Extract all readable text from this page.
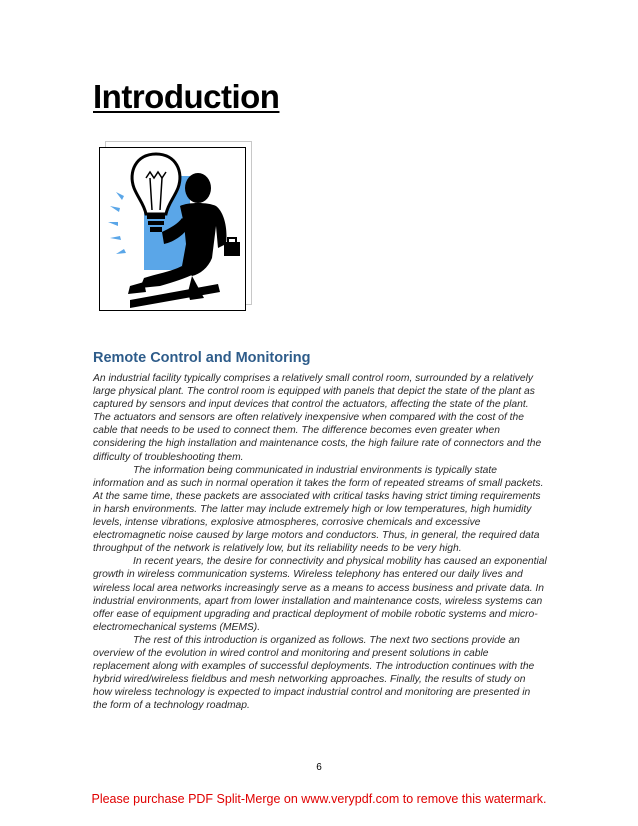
Introduction
Remote Control and Monitoring

An industrial facility typically comprises a relatively small control room, surrounded by a relatively large physical plant. The control room is equipped with panels that depict the state of the plant as captured by sensors and input devices that control the actuators, affecting the state of the plant. The actuators and sensors are often relatively inexpensive when compared with the cost of the cable that needs to be used to connect them. The difference becomes even greater when considering the high installation and maintenance costs, the high failure rate of connectors and the difficulty of troubleshooting them.

The information being communicated in industrial environments is typically state information and as such in normal operation it takes the form of repeated streams of small packets. At the same time, these packets are associated with critical tasks having strict timing requirements in harsh environments. The latter may include extremely high or low temperatures, high humidity levels, intense vibrations, explosive atmospheres, corrosive chemicals and excessive electromagnetic noise caused by large motors and conductors. Thus, in general, the required data throughput of the network is relatively low, but its reliability needs to be very high.

In recent years, the desire for connectivity and physical mobility has caused an exponential growth in wireless communication systems. Wireless telephony has entered our daily lives and wireless local area networks increasingly serve as a means to access business and private data. In industrial environments, apart from lower installation and maintenance costs, wireless systems can offer ease of equipment upgrading and practical deployment of mobile robotic systems and micro-electromechanical systems (MEMS).

The rest of this introduction is organized as follows. The next two sections provide an overview of the evolution in wired control and monitoring and present solutions in cable replacement along with examples of successful deployments. The introduction continues with the hybrid wired/wireless fieldbus and mesh networking approaches. Finally, the results of study on how wireless technology is expected to impact industrial control and monitoring are presented in the form of a technology roadmap.

6
Please purchase PDF Split-Merge on www.verypdf.com to remove this watermark.
